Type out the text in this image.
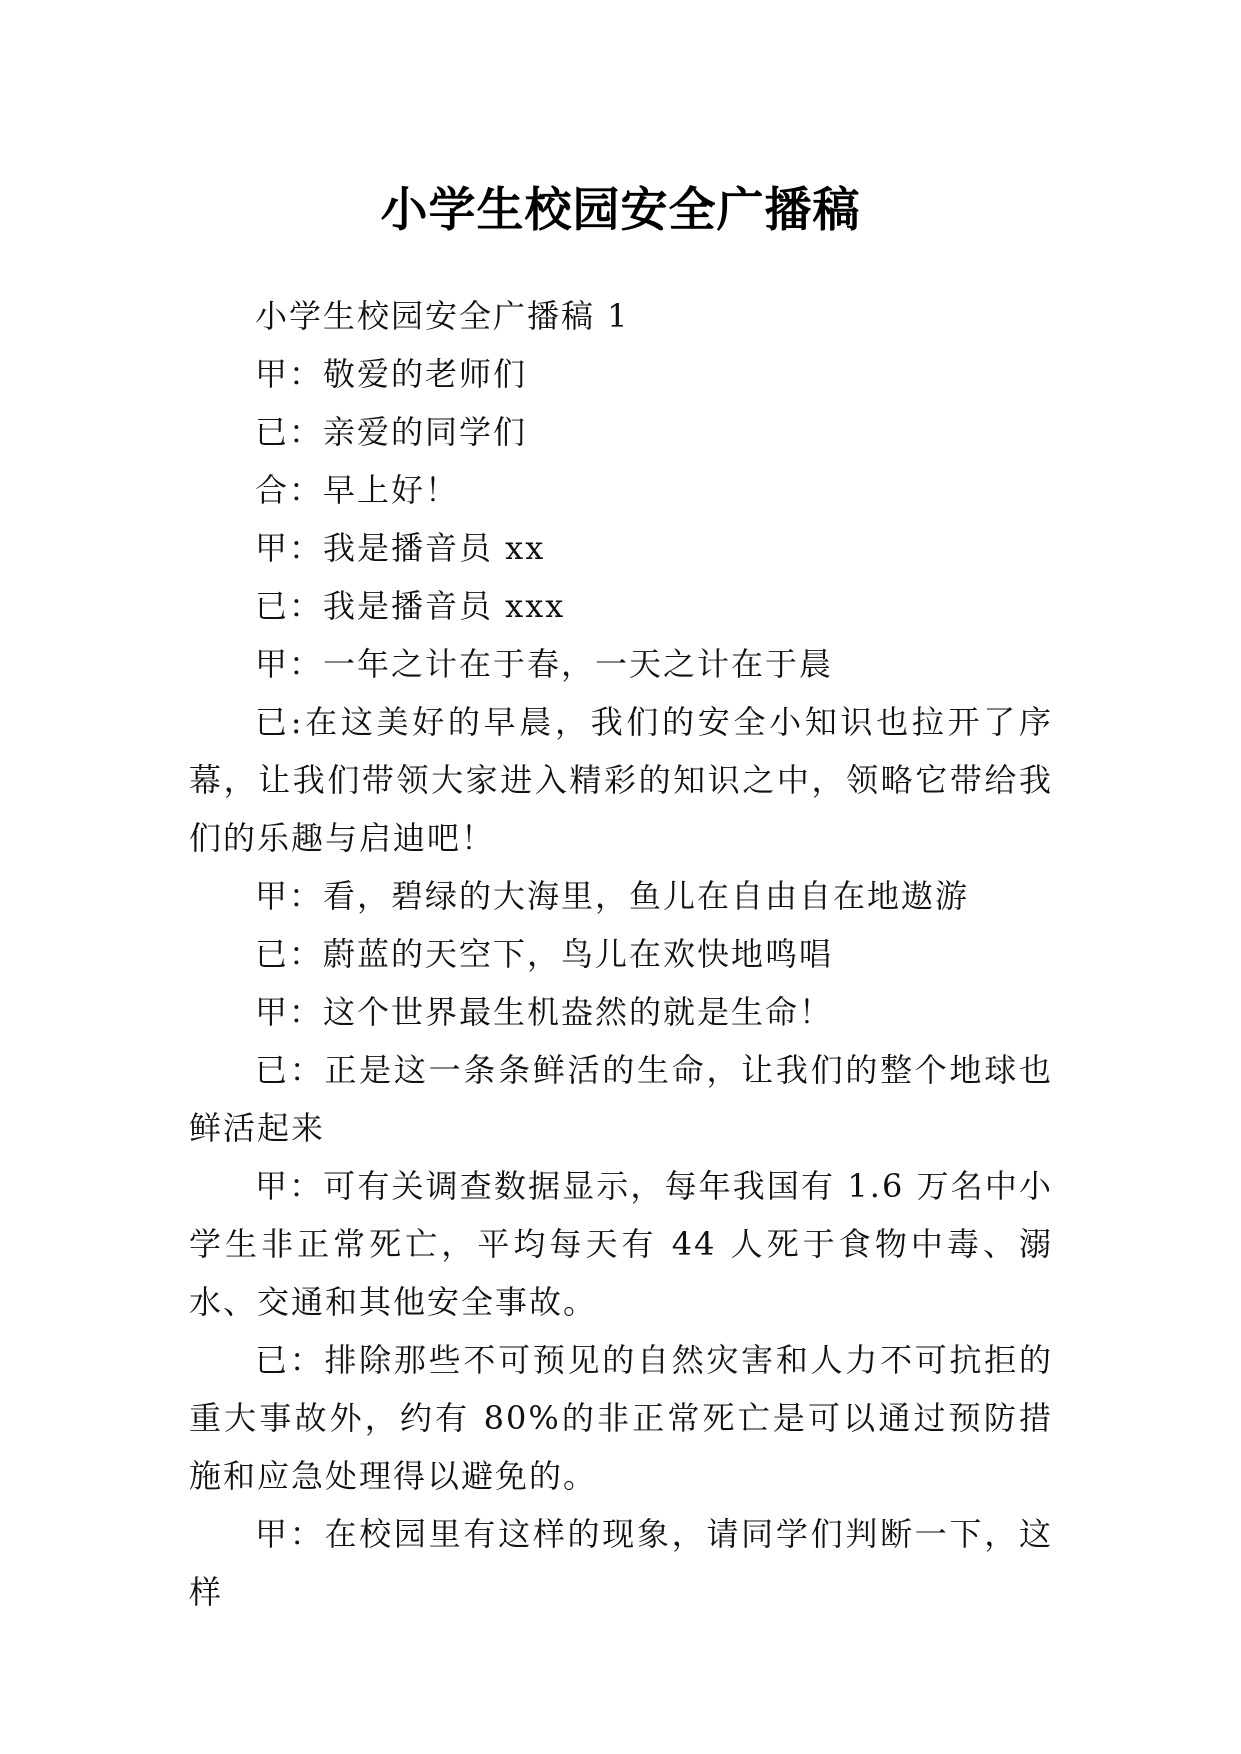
小学生校园安全广播稿

小学生校园安全广播稿 1

甲：敬爱的老师们

已：亲爱的同学们

合：早上好！

甲：我是播音员 xx

已：我是播音员 xxx

甲：一年之计在于春，一天之计在于晨

已:在这美好的早晨，我们的安全小知识也拉开了序幕，让我们带领大家进入精彩的知识之中，领略它带给我们的乐趣与启迪吧！

甲：看，碧绿的大海里，鱼儿在自由自在地遨游

已：蔚蓝的天空下，鸟儿在欢快地鸣唱

甲：这个世界最生机盎然的就是生命！

已：正是这一条条鲜活的生命，让我们的整个地球也鲜活起来

甲：可有关调查数据显示，每年我国有 1.6 万名中小学生非正常死亡，平均每天有 44 人死于食物中毒、溺水、交通和其他安全事故。

已：排除那些不可预见的自然灾害和人力不可抗拒的重大事故外，约有 80%的非正常死亡是可以通过预防措施和应急处理得以避免的。

甲：在校园里有这样的现象，请同学们判断一下，这样
